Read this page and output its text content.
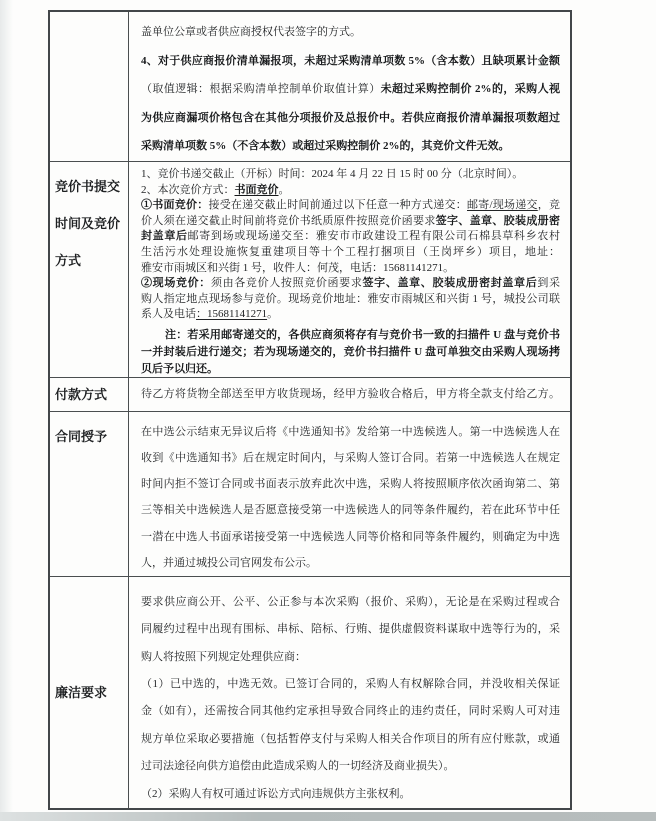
盖单位公章或者供应商授权代表签字的方式。
4、对于供应商报价清单漏报项，未超过采购清单项数 5%（含本数）且缺项累计金额
（取值逻辑：根据采购清单控制单价取值计算）未超过采购控制价 2%的，采购人视
为供应商漏项价格包含在其他分项报价及总报价中。若供应商报价清单漏报项数超过
采购清单项数 5%（不含本数）或超过采购控制价 2%的，其竞价文件无效。
竞价书提交
时间及竞价
方式
1、竞价书递交截止（开标）时间：2024 年 4 月 22 日 15 时 00 分（北京时间）。
2、本次竞价方式：书面竞价。
①书面竞价：接受在递交截止时间前通过以下任意一种方式递交：邮寄/现场递交，竞
价人须在递交截止时间前将竞价书纸质原件按照竞价函要求签字、盖章、胶装成册密
封盖章后邮寄到场或现场递交至：雅安市市政建设工程有限公司石棉县草科乡农村
生活污水处理设施恢复重建项目等十个工程打捆项目（王岗坪乡）项目，地址：
雅安市雨城区和兴街 1 号，收件人：何茂，电话：15681141271。
②现场竞价：须由各竞价人按照竞价函要求签字、盖章、胶装成册密封盖章后到采
购人指定地点现场参与竞价。现场竞价地址：雅安市雨城区和兴街 1 号，城投公司联
系人及电话：15681141271。
注：若采用邮寄递交的，各供应商须将存有与竞价书一致的扫描件 U 盘与竞价书
一并封装后进行递交；若为现场递交的，竞价书扫描件 U 盘可单独交由采购人现场拷
贝后予以归还。
付款方式	待乙方将货物全部送至甲方收货现场，经甲方验收合格后，甲方将全款支付给乙方。
合同授予	在中选公示结束无异议后将《中选通知书》发给第一中选候选人。第一中选候选人在
收到《中选通知书》后在规定时间内，与采购人签订合同。若第一中选候选人在规定
时间内拒不签订合同或书面表示放弃此次中选，采购人将按照顺序依次函询第二、第
三等相关中选候选人是否愿意接受第一中选候选人的同等条件履约，若在此环节中任
一潜在中选人书面承诺接受第一中选候选人同等价格和同等条件履约，则确定为中选
人，并通过城投公司官网发布公示。
廉洁要求
要求供应商公开、公平、公正参与本次采购（报价、采购），无论是在采购过程或合
同履约过程中出现有围标、串标、陪标、行贿、提供虚假资料谋取中选等行为的，采
购人将按照下列规定处理供应商：
（1）已中选的，中选无效。已签订合同的，采购人有权解除合同，并没收相关保证
金（如有），还需按合同其他约定承担导致合同终止的违约责任，同时采购人可对违
规方单位采取必要措施（包括暂停支付与采购人相关合作项目的所有应付账款，或通
过司法途径向供方追偿由此造成采购人的一切经济及商业损失）。
（2）采购人有权可通过诉讼方式向违规供方主张权利。
